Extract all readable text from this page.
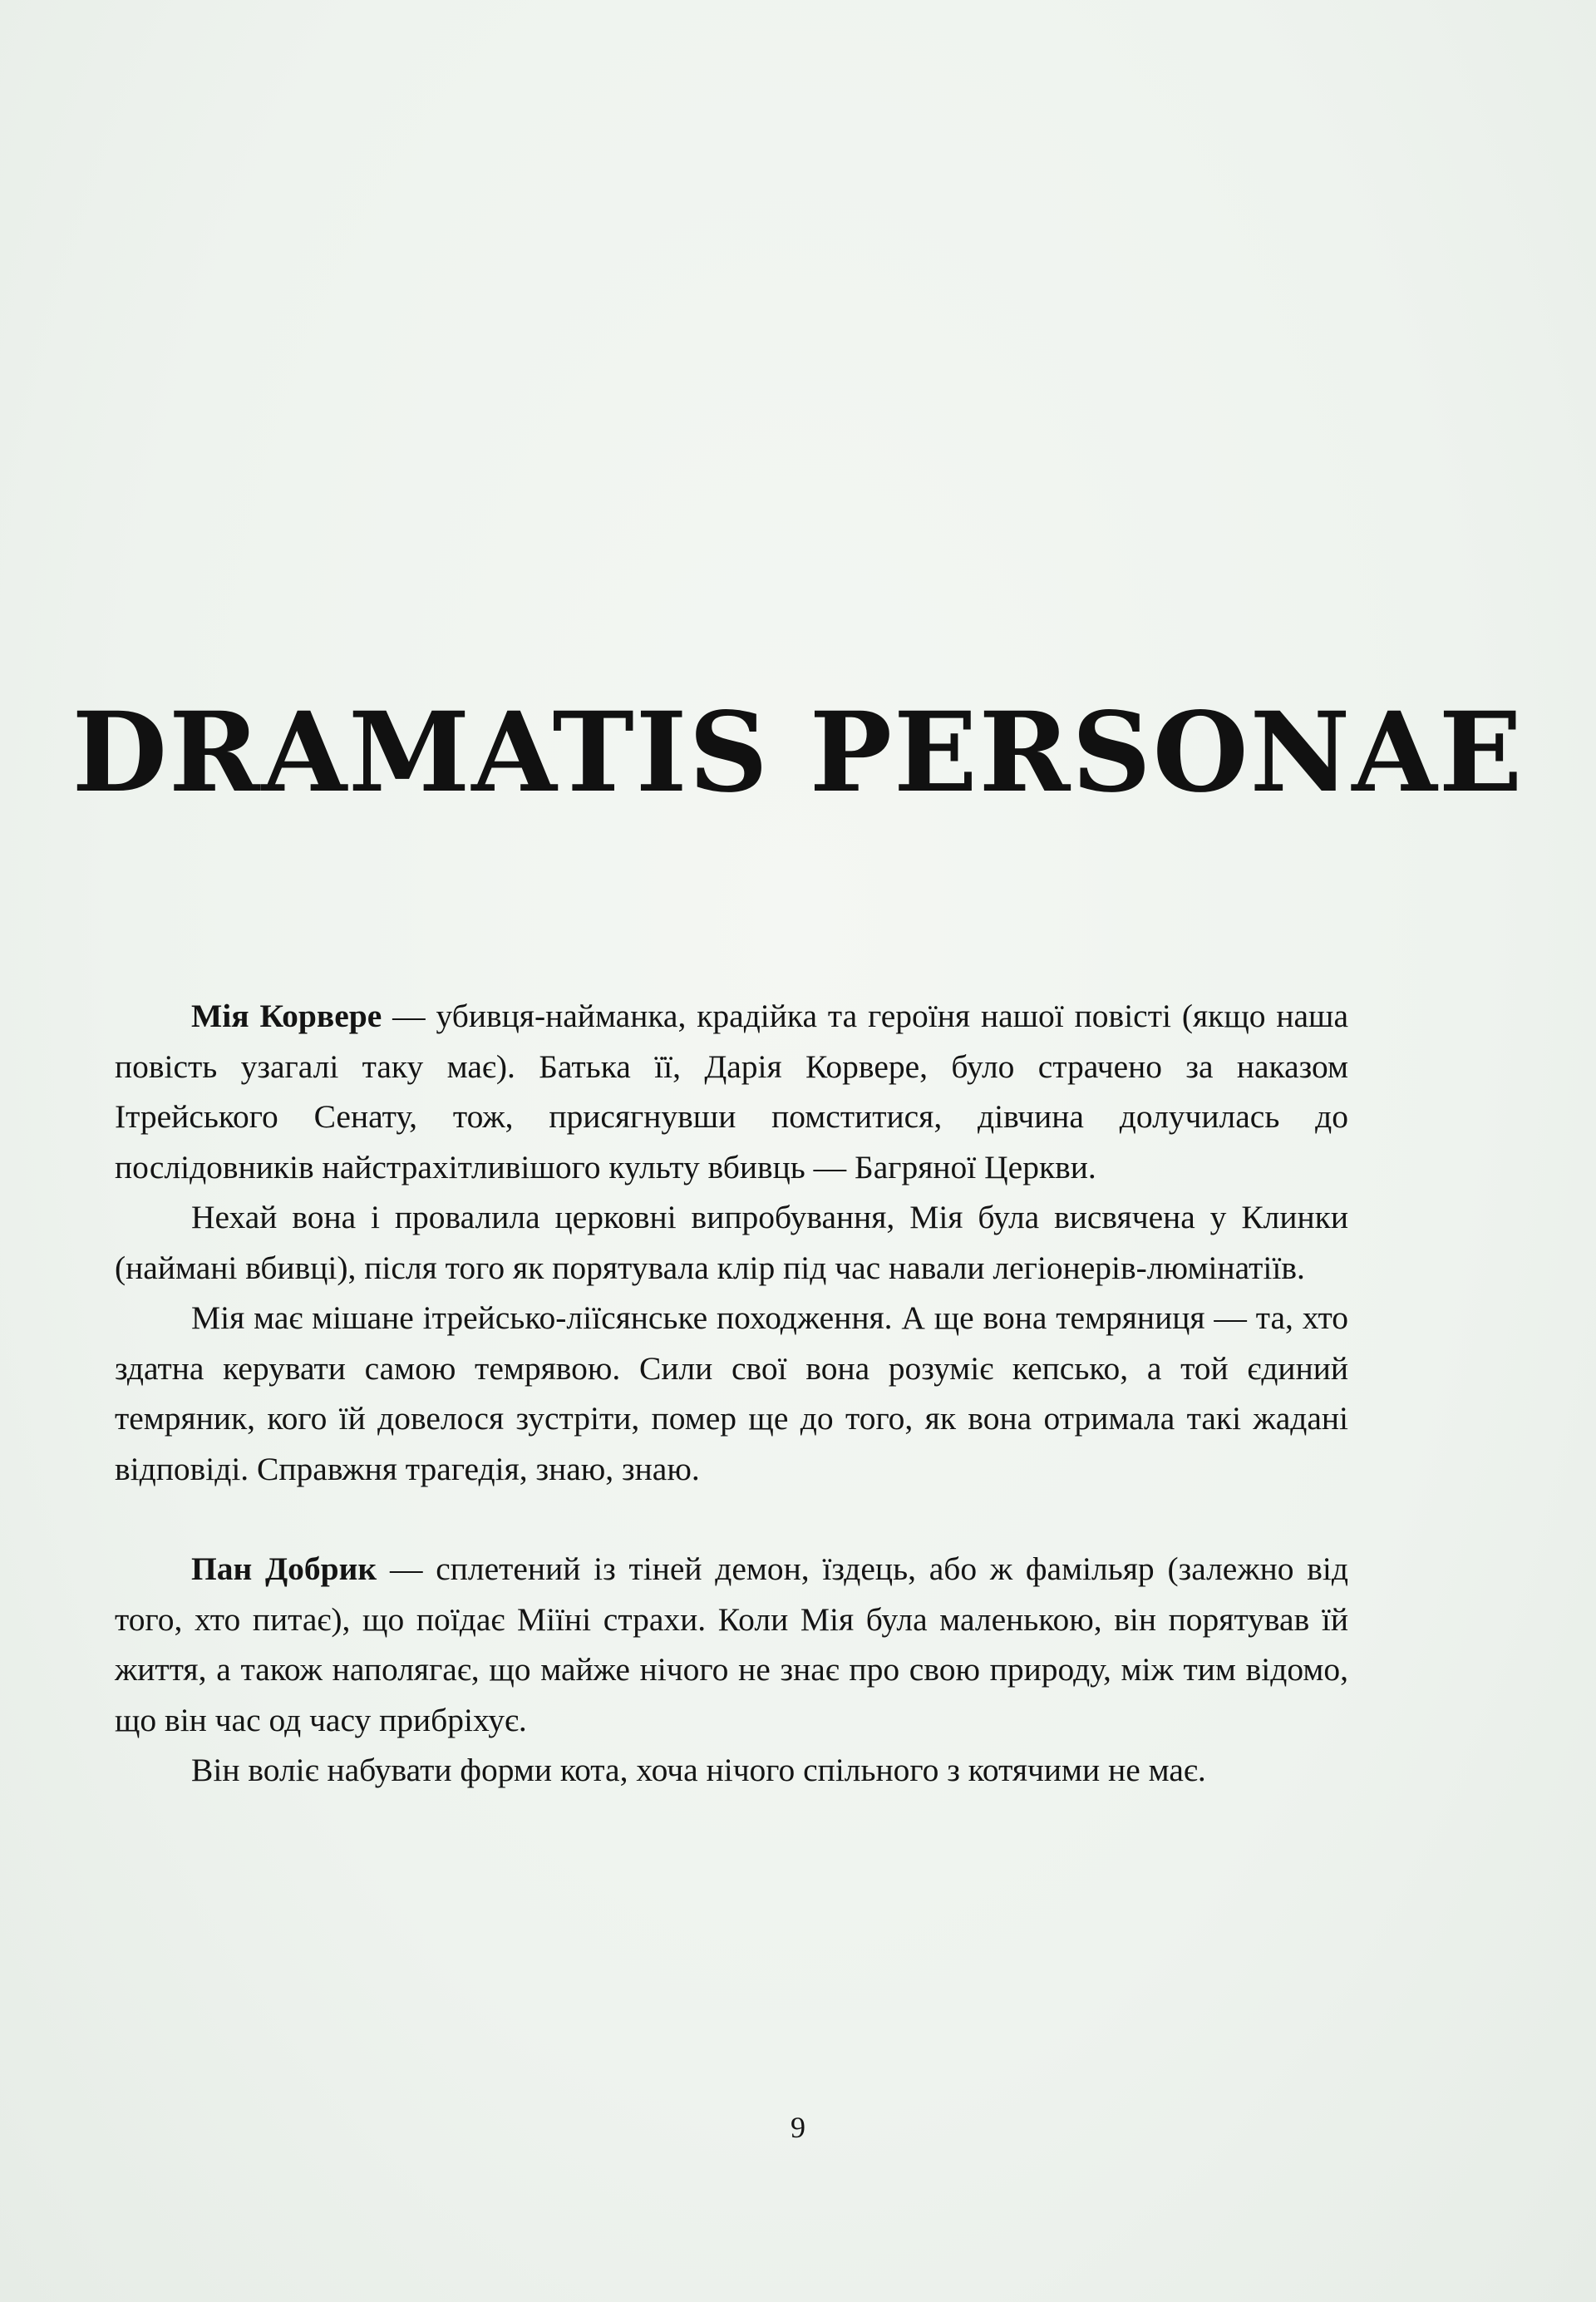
DRAMATIS PERSONAE

Мія Корвере — убивця-найманка, крадійка та героїня нашої повісті (якщо наша повість узагалі таку має). Батька її, Дарія Корвере, було страчено за наказом Ітрейського Сенату, тож, присягнувши помститися, дівчина долучилась до послідовників найстрахітливішого культу вбивць — Багряної Церкви.

Нехай вона і провалила церковні випробування, Мія була висвячена у Клинки (наймані вбивці), після того як порятувала клір під час навали легіонерів-люмінатіїв.

Мія має мішане ітрейсько-ліїсянське походження. А ще вона темряниця — та, хто здатна керувати самою темрявою. Сили свої вона розуміє кепсько, а той єдиний темряник, кого їй довелося зустріти, помер ще до того, як вона отримала такі жадані відповіді. Справжня трагедія, знаю, знаю.

Пан Добрик — сплетений із тіней демон, їздець, або ж фамільяр (залежно від того, хто питає), що поїдає Міїні страхи. Коли Мія була маленькою, він порятував їй життя, а також наполягає, що майже нічого не знає про свою природу, між тим відомо, що він час од часу прибріхує.

Він воліє набувати форми кота, хоча нічого спільного з котячими не має.

9
